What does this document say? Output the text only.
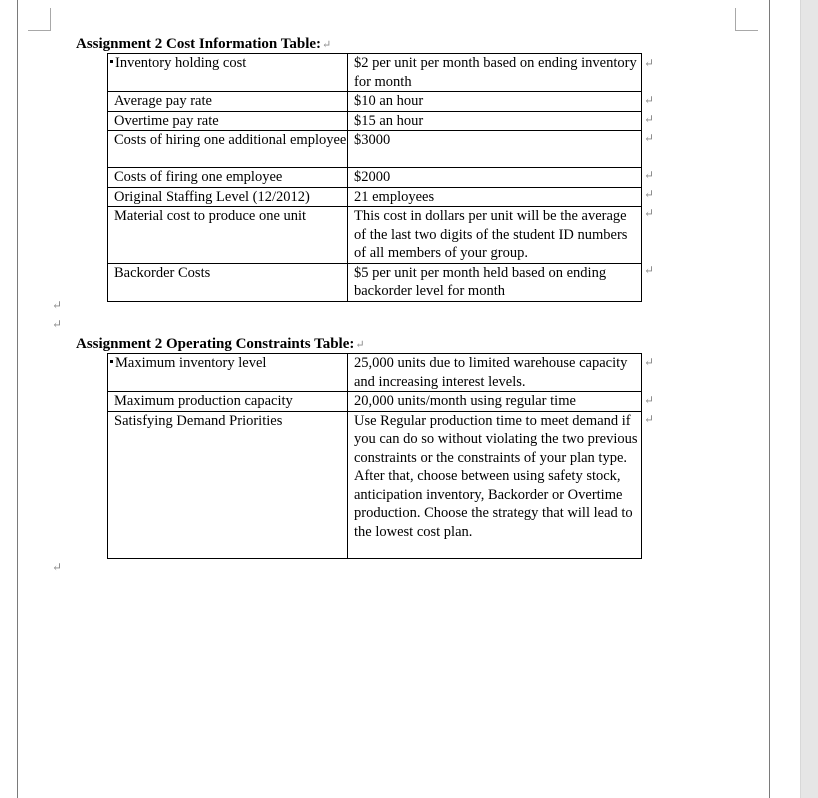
Assignment 2 Cost Information Table:↵
Inventory holding cost	$2 per unit per month based on ending inventory for month
Average pay rate	$10 an hour
Overtime pay rate	$15 an hour
Costs of hiring one additional employee	$3000
Costs of firing one employee	$2000
Original Staffing Level (12/2012)	21 employees
Material cost to produce one unit	This cost in dollars per unit will be the average of the last two digits of the student ID numbers of all members of your group.
Backorder Costs	$5 per unit per month held based on ending backorder level for month
↵
↵
↵
↵
↵
↵
↵
↵
↵
↵
Assignment 2 Operating Constraints Table:↵
Maximum inventory level	25,000 units due to limited warehouse capacity and increasing interest levels.
Maximum production capacity	20,000 units/month using regular time
Satisfying Demand Priorities	Use Regular production time to meet demand if you can do so without violating the two previous constraints or the constraints of your plan type. After that, choose between using safety stock, anticipation inventory, Backorder or Overtime production. Choose the strategy that will lead to the lowest cost plan.
↵
↵
↵
↵
